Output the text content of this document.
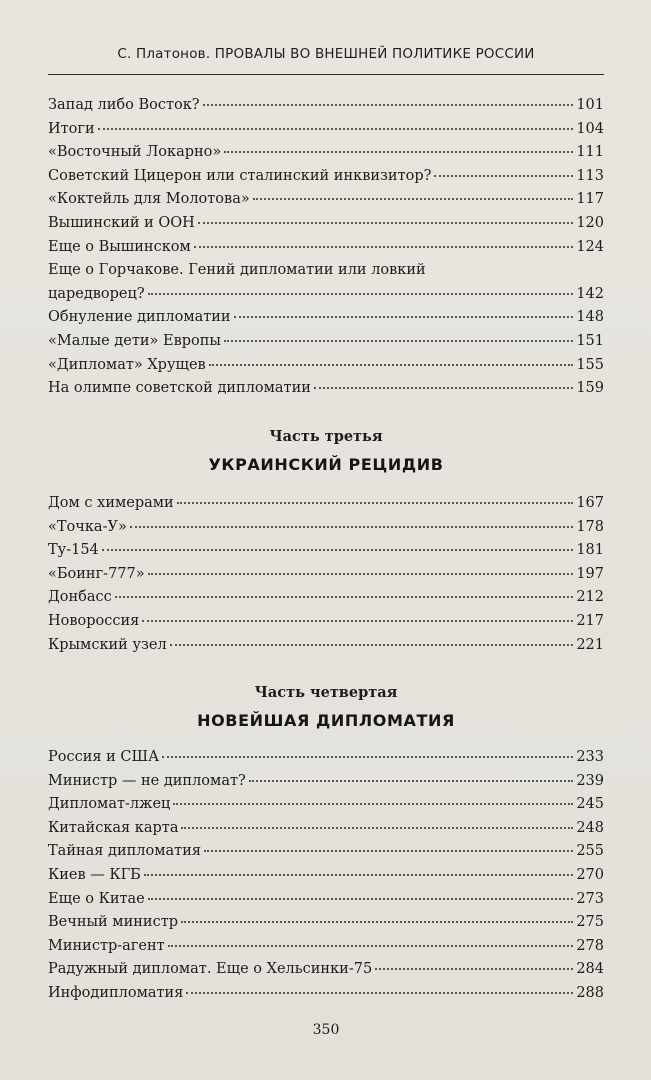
С. Платонов. ПРОВАЛЫ ВО ВНЕШНЕЙ ПОЛИТИКЕ РОССИИ
Запад либо Восток?	101
Итоги	104
«Восточный Локарно»	111
Советский Цицерон или сталинский инквизитор?	113
«Коктейль для Молотова»	117
Вышинский и ООН	120
Еще о Вышинском	124
Еще о Горчакове. Гений дипломатии или ловкий
царедворец?	142
Обнуление дипломатии	148
«Малые дети» Европы	151
«Дипломат» Хрущев	155
На олимпе советской дипломатии	159
Часть третья
УКРАИНСКИЙ РЕЦИДИВ
Дом с химерами	167
«Точка-У»	178
Ту-154	181
«Боинг-777»	197
Донбасс	212
Новороссия	217
Крымский узел	221
Часть четвертая
НОВЕЙШАЯ ДИПЛОМАТИЯ
Россия и США	233
Министр — не дипломат?	239
Дипломат-лжец	245
Китайская карта	248
Тайная дипломатия	255
Киев — КГБ	270
Еще о Китае	273
Вечный министр	275
Министр-агент	278
Радужный дипломат. Еще о Хельсинки-75	284
Инфодипломатия	288
350
